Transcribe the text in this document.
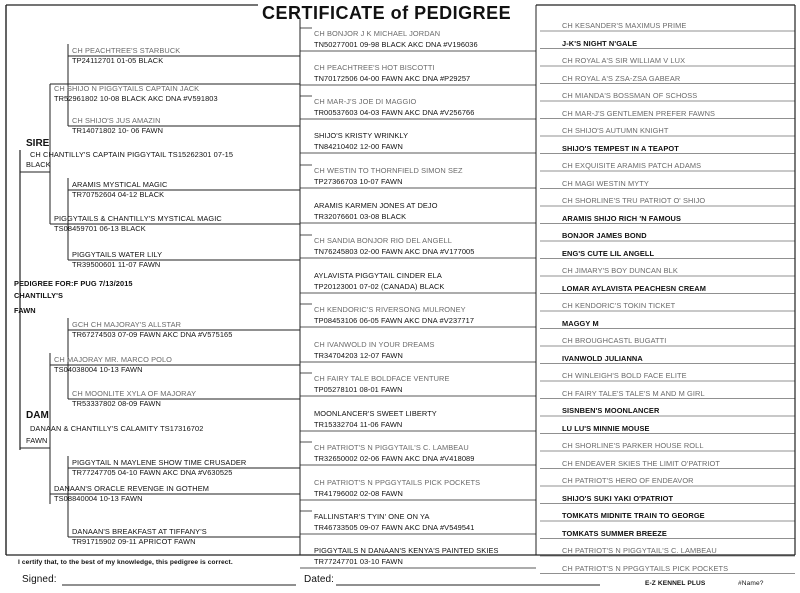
CERTIFICATE of PEDIGREE
SIRE
DAM
PEDIGREE FOR:F PUG 7/13/2015
CHANTILLY'S
FAWN
CH CHANTILLY'S CAPTAIN PIGGYTAIL TS15262301 07-15
BLACK
DANAAN & CHANTILLY'S CALAMITY TS17316702
FAWN
CH SHIJO N PIGGYTAILS CAPTAIN JACK
TR52961802 10-08 BLACK AKC DNA #V591803
PIGGYTAILS & CHANTILLY'S MYSTICAL MAGIC
TS08459701 06-13 BLACK
CH MAJORAY MR. MARCO POLO
TS04038004 10-13 FAWN
DANAAN'S ORACLE REVENGE IN GOTHEM
TS08840004 10-13 FAWN
CH PEACHTREE'S STARBUCK
TP24112701 01-05 BLACK
CH SHIJO'S JUS AMAZIN
TR14071802 10- 06 FAWN
ARAMIS MYSTICAL MAGIC
TR70752604 04-12 BLACK
PIGGYTAILS WATER LILY
TR39500601 11-07 FAWN
GCH CH MAJORAY'S ALLSTAR
TR67274503 07-09 FAWN AKC DNA #V575165
CH MOONLITE XYLA OF MAJORAY
TR53337802 08-09 FAWN
PIGGYTAIL N MAYLENE SHOW TIME CRUSADER
TR77247705 04-10 FAWN AKC DNA #V630525
DANAAN'S BREAKFAST AT TIFFANY'S
TR91715902 09-11 APRICOT FAWN
CH BONJOR J K MICHAEL JORDAN
TN50277001 09-98 BLACK AKC DNA #V196036
CH PEACHTREE'S HOT BISCOTTI
TN70172506 04-00 FAWN AKC DNA #P29257
CH MAR-J'S JOE DI MAGGIO
TR00537603 04-03 FAWN AKC DNA #V256766
SHIJO'S KRISTY WRINKLY
TN84210402 12-00 FAWN
CH WESTIN TO THORNFIELD SIMON SEZ
TP27366703 10-07 FAWN
ARAMIS KARMEN JONES AT DEJO
TR32076601 03-08 BLACK
CH SANDIA BONJOR RIO DEL ANGELL
TN76245803 02-00 FAWN AKC DNA #V177005
AYLAVISTA PIGGYTAIL CINDER ELA
TP20123001 07-02 (CANADA) BLACK
CH KENDORIC'S RIVERSONG MULRONEY
TP08453106 06-05 FAWN AKC DNA #V237717
CH IVANWOLD IN YOUR DREAMS
TR34704203 12-07 FAWN
CH FAIRY TALE BOLDFACE VENTURE
TP05278101 08-01 FAWN
MOONLANCER'S SWEET LIBERTY
TR15332704 11-06 FAWN
CH PATRIOT'S N PIGGYTAIL'S C. LAMBEAU
TR32650002 02-06 FAWN AKC DNA #V418089
CH PATRIOT'S N PPGGYTAILS PICK POCKETS
TR41796002 02-08 FAWN
FALLINSTAR'S TYIN' ONE ON YA
TR46733505 09-07 FAWN AKC DNA #V549541
PIGGYTAILS N DANAAN'S KENYA'S PAINTED SKIES
TR77247701 03-10 FAWN
CH KESANDER'S MAXIMUS PRIME
J-K'S NIGHT N'GALE
CH ROYAL A'S SIR WILLIAM V LUX
CH ROYAL A'S ZSA-ZSA GABEAR
CH MIANDA'S BOSSMAN OF SCHOSS
CH MAR-J'S GENTLEMEN PREFER FAWNS
CH SHIJO'S AUTUMN KNIGHT
SHIJO'S TEMPEST IN A TEAPOT
CH EXQUISITE ARAMIS PATCH ADAMS
CH MAGI WESTIN MYTY
CH SHORLINE'S TRU PATRIOT O' SHIJO
ARAMIS SHIJO RICH 'N FAMOUS
BONJOR JAMES BOND
ENG'S CUTE LIL ANGELL
CH JIMARY'S BOY DUNCAN BLK
LOMAR AYLAVISTA PEACHESN CREAM
CH KENDORIC'S TOKIN TICKET
MAGGY M
CH BROUGHCASTL BUGATTI
IVANWOLD JULIANNA
CH WINLEIGH'S BOLD FACE ELITE
CH FAIRY TALE'S TALE'S M AND M GIRL
SISNBEN'S MOONLANCER
LU LU'S MINNIE MOUSE
CH SHORLINE'S PARKER HOUSE ROLL
CH ENDEAVER SKIES THE LIMIT O'PATRIOT
CH PATRIOT'S HERO OF ENDEAVOR
SHIJO'S SUKI YAKI O'PATRIOT
TOMKATS MIDNITE TRAIN TO GEORGE
TOMKATS SUMMER BREEZE
CH PATRIOT'S N PIGGYTAIL'S C. LAMBEAU
CH PATRIOT'S N PPGGYTAILS PICK POCKETS
I certify that, to the best of my knowledge, this pedigree is correct.
Signed:	Dated:	E-Z KENNEL PLUS	#Name?
